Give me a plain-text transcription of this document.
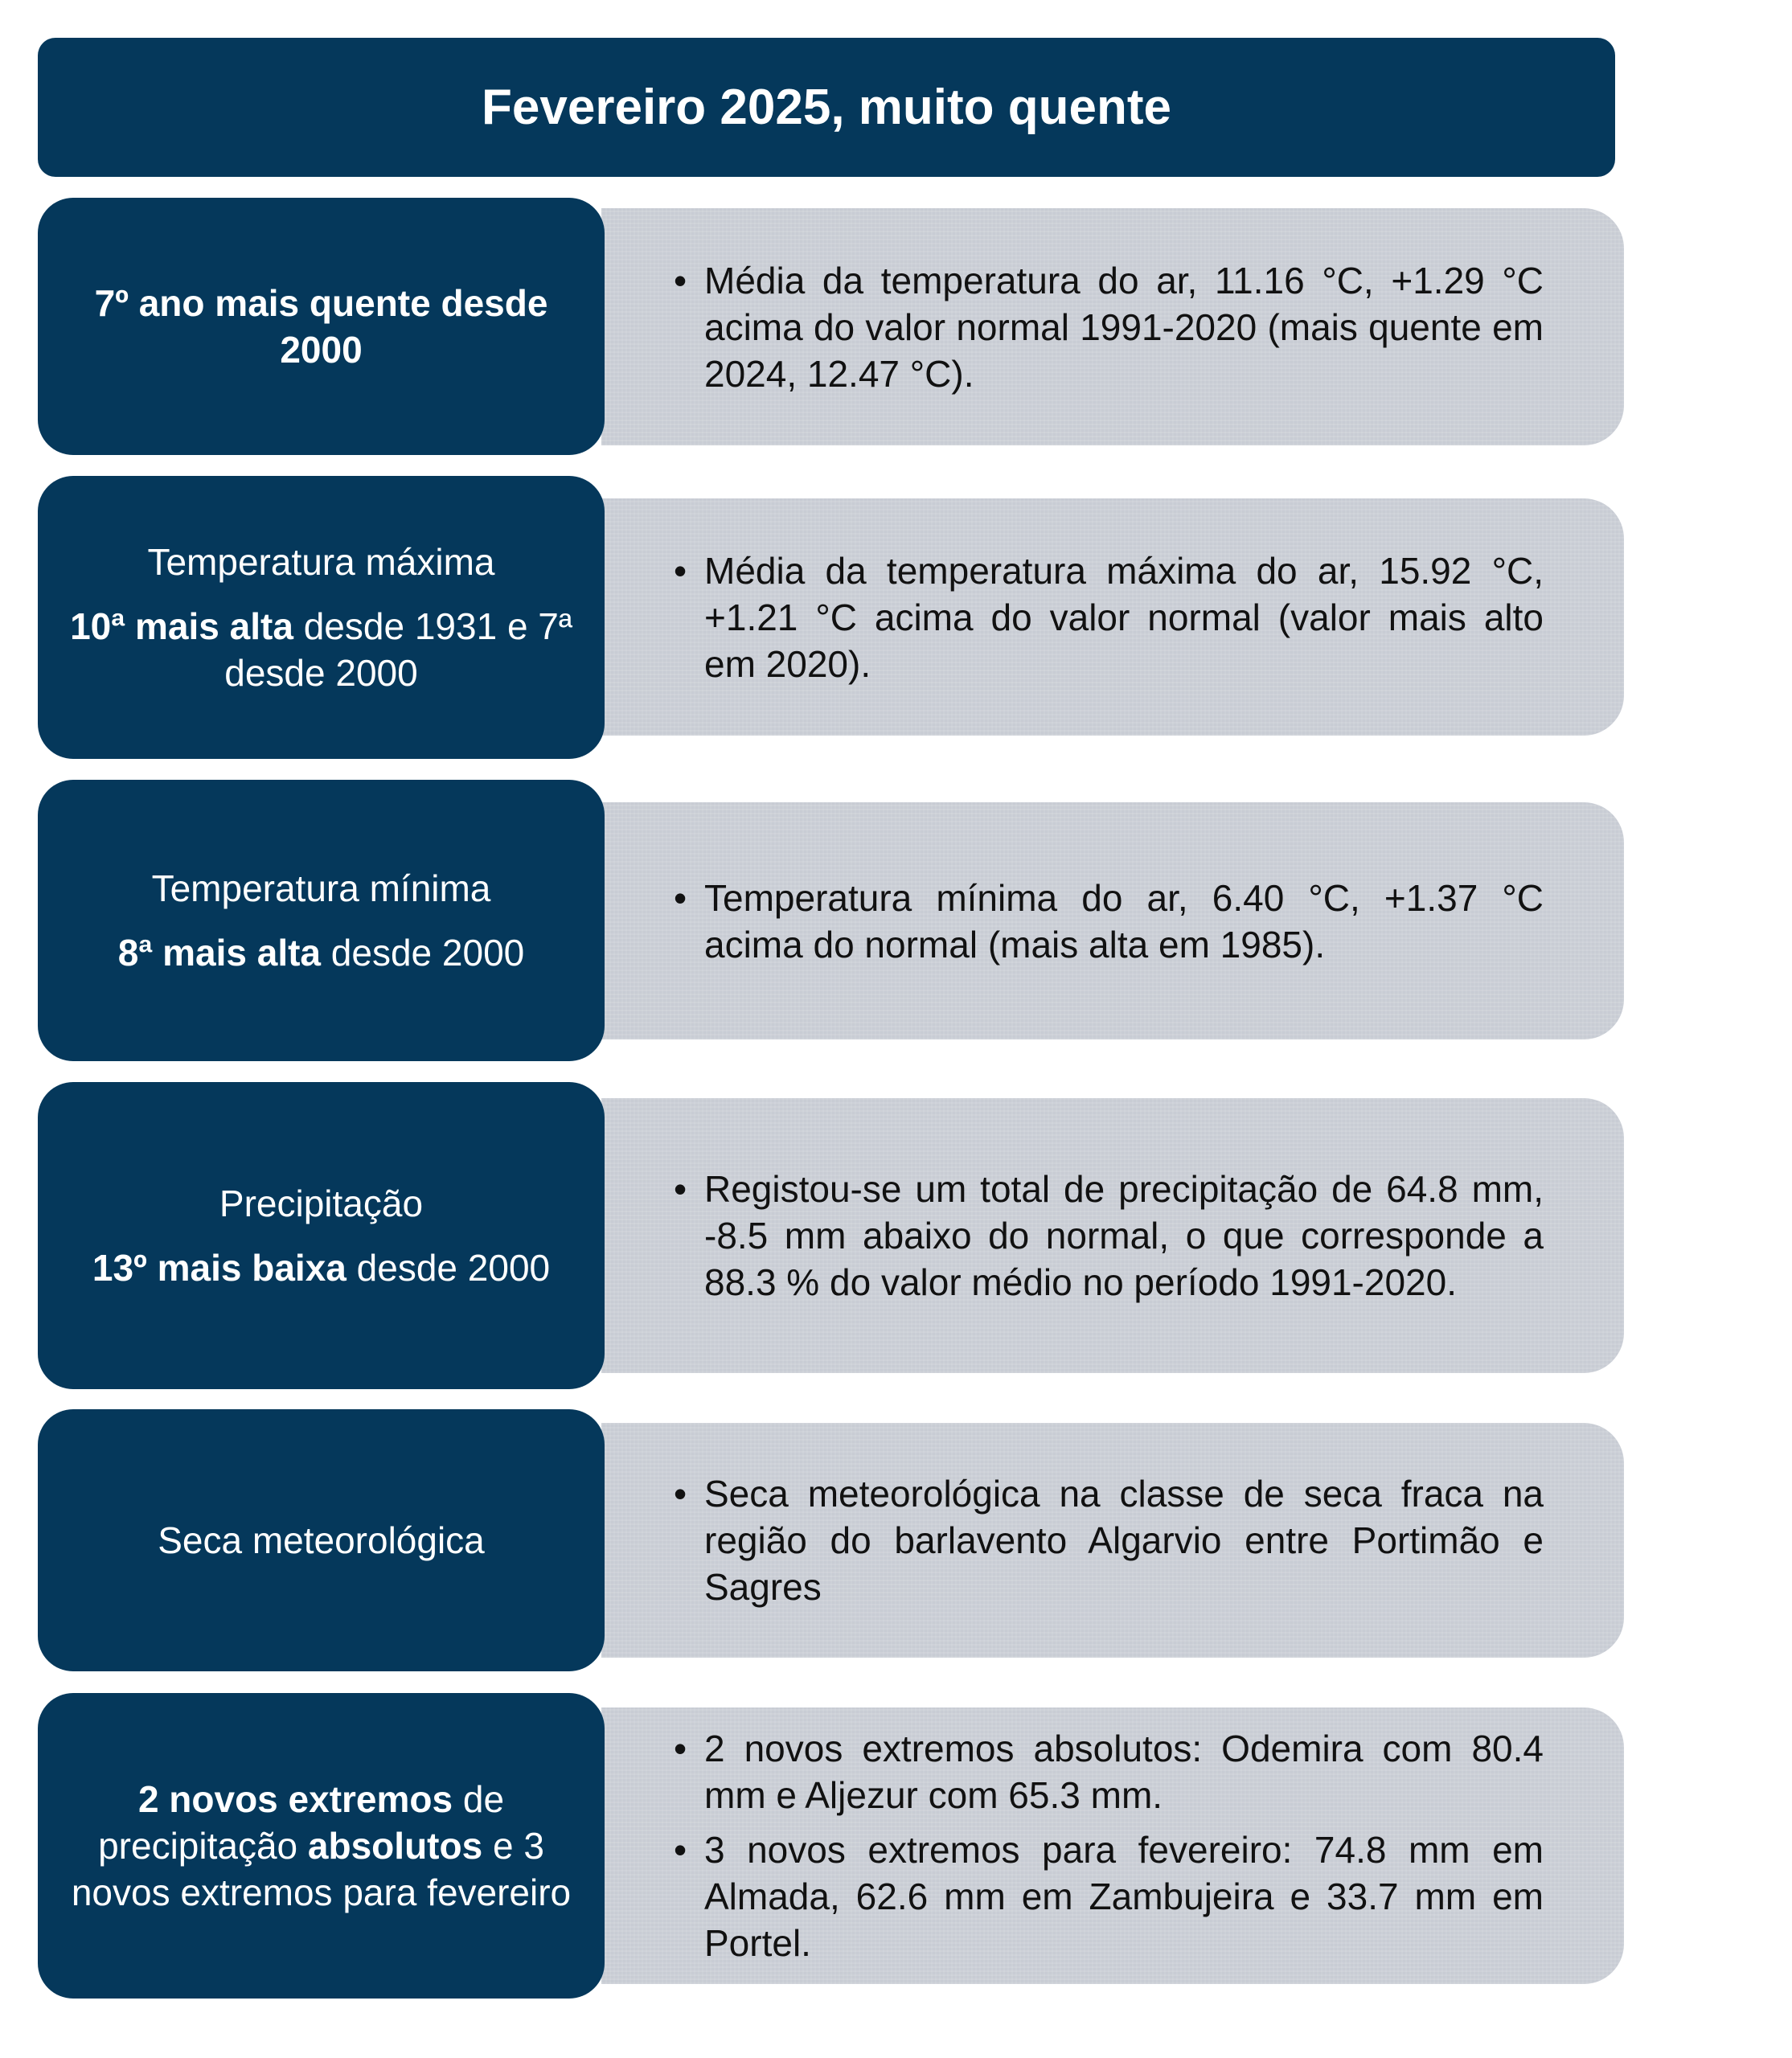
Fevereiro 2025, muito quente
7º ano mais quente desde 2000
• Média da temperatura do ar, 11.16 °C, +1.29 °C acima do valor normal 1991-2020 (mais quente em 2024, 12.47 °C).
Temperatura máxima
10ª mais alta desde 1931 e 7ª desde 2000
• Média da temperatura máxima do ar, 15.92 °C, +1.21 °C acima do valor normal (valor mais alto em 2020).
Temperatura mínima
8ª mais alta desde 2000
• Temperatura mínima do ar, 6.40 °C, +1.37 °C acima do normal (mais alta em 1985).
Precipitação
13º mais baixa desde 2000
• Registou-se um total de precipitação de 64.8 mm, -8.5 mm abaixo do normal, o que corresponde a 88.3 % do valor médio no período 1991-2020.
Seca meteorológica
• Seca meteorológica na classe de seca fraca na região do barlavento Algarvio entre Portimão e Sagres
2 novos extremos de precipitação absolutos e 3 novos extremos para fevereiro
• 2 novos extremos absolutos: Odemira com 80.4 mm e Aljezur com 65.3 mm.
• 3 novos extremos para fevereiro: 74.8 mm em Almada, 62.6 mm em Zambujeira e 33.7 mm em Portel.
